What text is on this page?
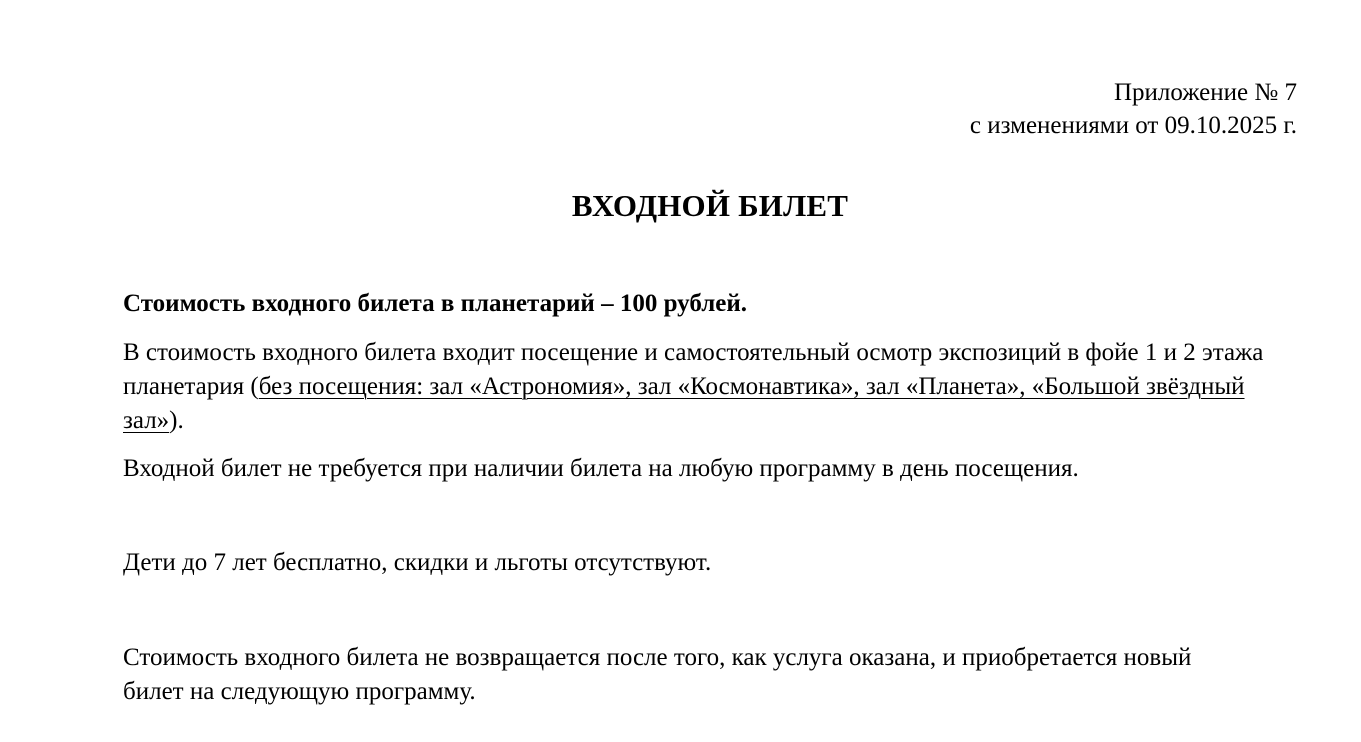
Приложение № 7
с изменениями от 09.10.2025 г.
ВХОДНОЙ БИЛЕТ

Стоимость входного билета в планетарий – 100 рублей.

В стоимость входного билета входит посещение и самостоятельный осмотр экспозиций в фойе 1 и 2 этажа планетария (без посещения: зал «Астрономия», зал «Космонавтика», зал «Планета», «Большой звёздный зал»).

Входной билет не требуется при наличии билета на любую программу в день посещения.

Дети до 7 лет бесплатно, скидки и льготы отсутствуют.

Стоимость входного билета не возвращается после того, как услуга оказана, и приобретается новый билет на следующую программу.
